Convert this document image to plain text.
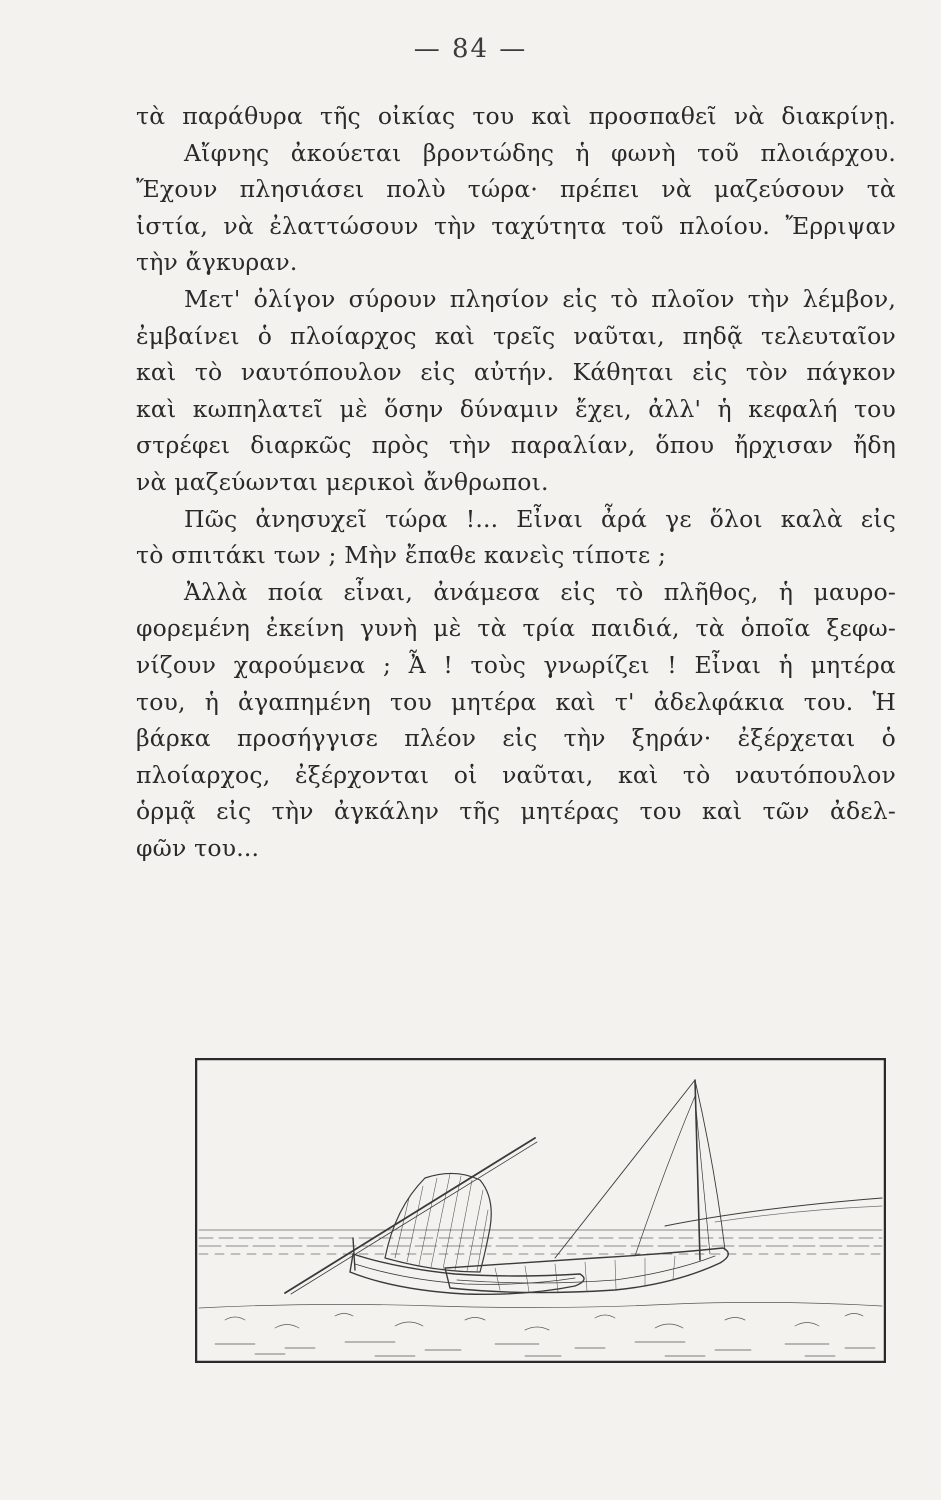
— 84 —
τὰ παράθυρα τῆς οἰκίας του καὶ προσπαθεῖ νὰ διακρίνῃ.
Αἴφνης ἀκούεται βροντώδης ἡ φωνὴ τοῦ πλοιάρχου.
Ἔχουν πλησιάσει πολὺ τώρα· πρέπει νὰ μαζεύσουν τὰ
ἱστία, νὰ ἐλαττώσουν τὴν ταχύτητα τοῦ πλοίου. Ἔρριψαν
τὴν ἄγκυραν.
Μετ' ὀλίγον σύρουν πλησίον εἰς τὸ πλοῖον τὴν λέμβον,
ἐμβαίνει ὁ πλοίαρχος καὶ τρεῖς ναῦται, πηδᾷ τελευταῖον
καὶ τὸ ναυτόπουλον εἰς αὐτήν. Κάθηται εἰς τὸν πάγκον
καὶ κωπηλατεῖ μὲ ὅσην δύναμιν ἔχει, ἀλλ' ἡ κεφαλή του
στρέφει διαρκῶς πρὸς τὴν παραλίαν, ὅπου ἤρχισαν ἤδη
νὰ μαζεύωνται μερικοὶ ἄνθρωποι.
Πῶς ἀνησυχεῖ τώρα !... Εἶναι ἆρά γε ὅλοι καλὰ εἰς
τὸ σπιτάκι των ; Μὴν ἔπαθε κανεὶς τίποτε ;
Ἀλλὰ ποία εἶναι, ἀνάμεσα εἰς τὸ πλῆθος, ἡ μαυρο-
φορεμένη ἐκείνη γυνὴ μὲ τὰ τρία παιδιά, τὰ ὁποῖα ξεφω-
νίζουν χαρούμενα ; Ἆ ! τοὺς γνωρίζει ! Εἶναι ἡ μητέρα
του, ἡ ἀγαπημένη του μητέρα καὶ τ' ἀδελφάκια του. Ἡ
βάρκα προσήγγισε πλέον εἰς τὴν ξηράν· ἐξέρχεται ὁ
πλοίαρχος, ἐξέρχονται οἱ ναῦται, καὶ τὸ ναυτόπουλον
ὁρμᾷ εἰς τὴν ἀγκάλην τῆς μητέρας του καὶ τῶν ἀδελ-
φῶν του...
